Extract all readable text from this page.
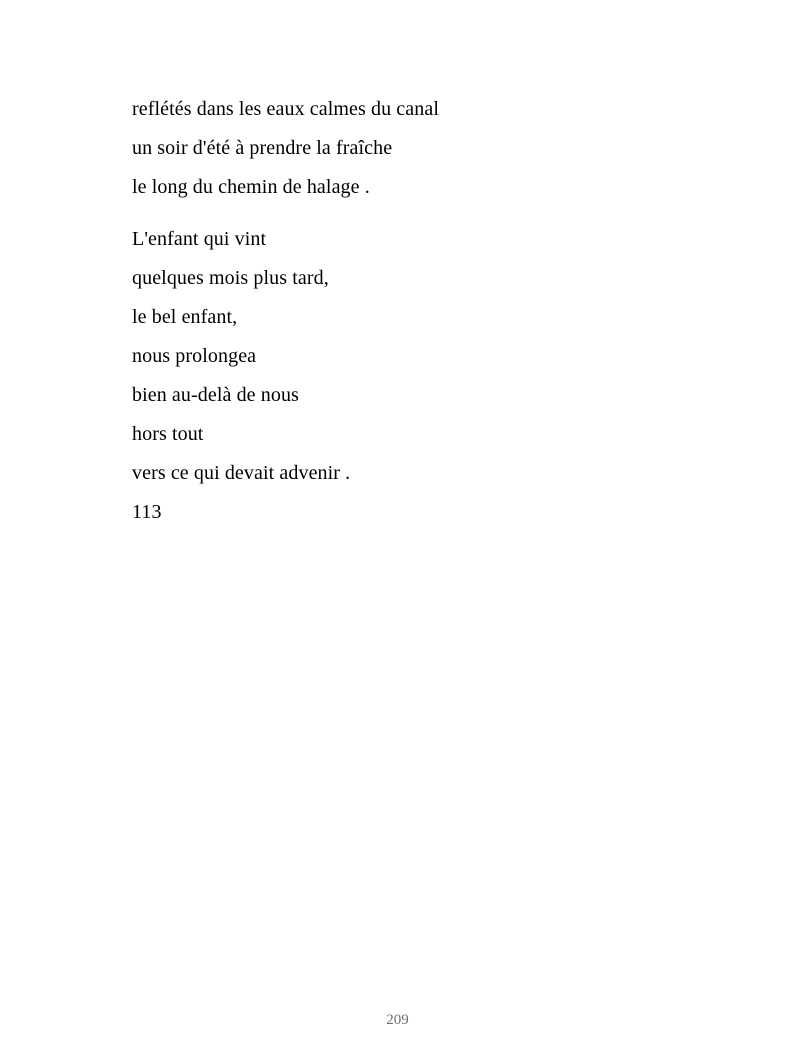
reflétés dans les eaux calmes du canal
un soir d'été à prendre la fraîche
le long du chemin de halage .
L'enfant qui vint
quelques mois plus tard,
le bel enfant,
nous prolongea
bien au-delà de nous
hors tout
vers ce qui devait advenir .
113
209
